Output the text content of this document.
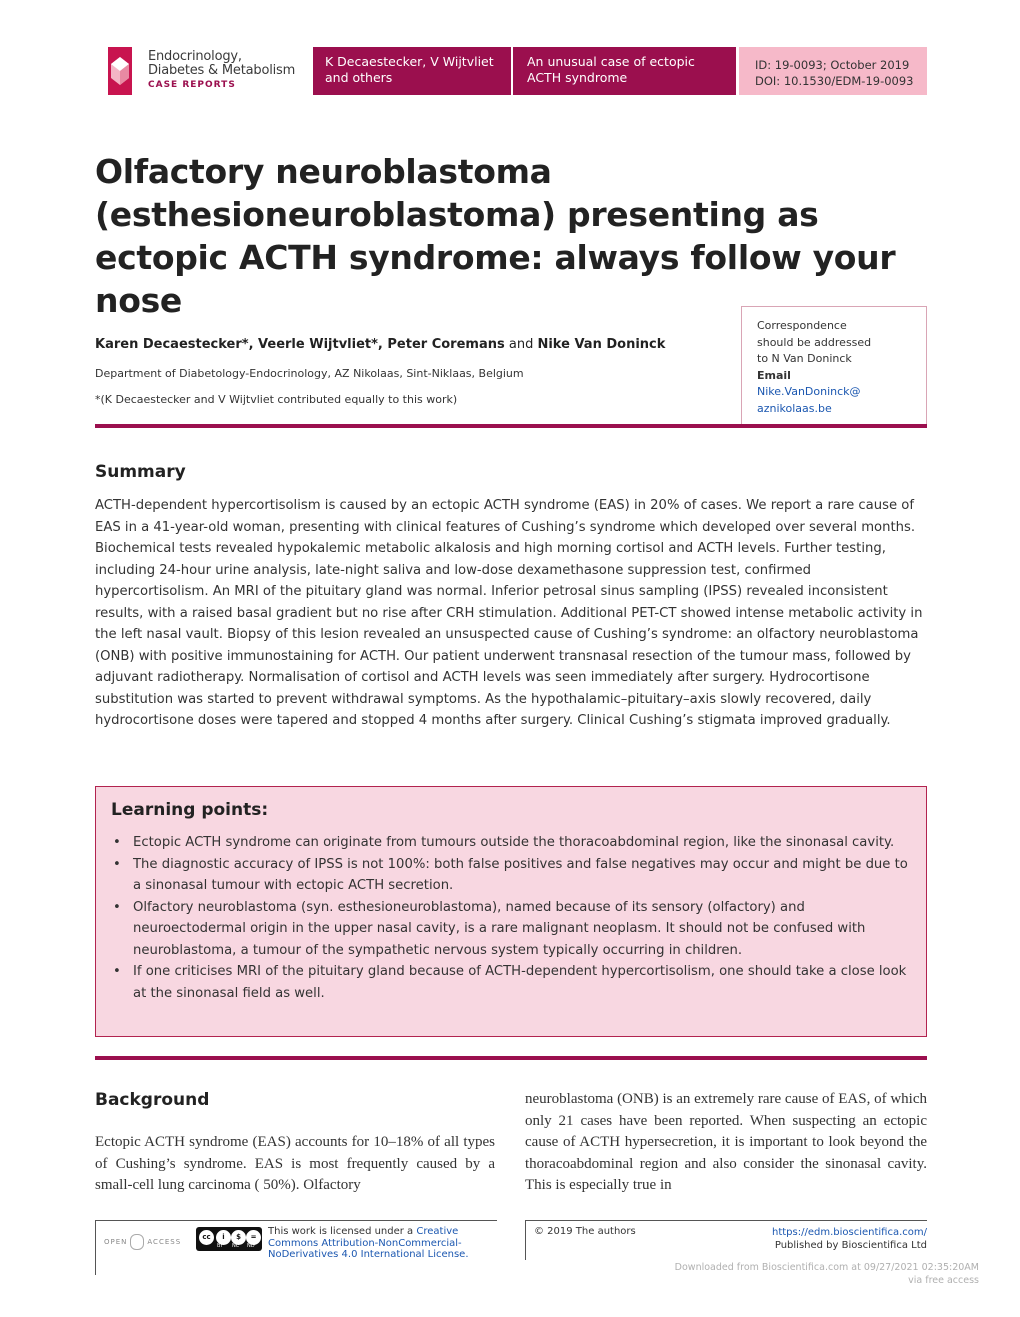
Endocrinology,
Diabetes & Metabolism
CASE REPORTS
K Decaestecker, V Wijtvliet
and others
An unusual case of ectopic
ACTH syndrome
ID: 19-0093; October 2019
DOI: 10.1530/EDM-19-0093
Olfactory neuroblastoma
(esthesioneuroblastoma) presenting as
ectopic ACTH syndrome: always follow your nose
Karen Decaestecker*, Veerle Wijtvliet*, Peter Coremans and Nike Van Doninck
Department of Diabetology-Endocrinology, AZ Nikolaas, Sint-Niklaas, Belgium
*(K Decaestecker and V Wijtvliet contributed equally to this work)
Correspondence
should be addressed
to N Van Doninck
Email
Nike.VanDoninck@
aznikolaas.be
Summary
ACTH-dependent hypercortisolism is caused by an ectopic ACTH syndrome (EAS) in 20% of cases. We report a rare cause of EAS in a 41-year-old woman, presenting with clinical features of Cushing’s syndrome which developed over several months. Biochemical tests revealed hypokalemic metabolic alkalosis and high morning cortisol and ACTH levels. Further testing, including 24-hour urine analysis, late-night saliva and low-dose dexamethasone suppression test, confirmed hypercortisolism. An MRI of the pituitary gland was normal. Inferior petrosal sinus sampling (IPSS) revealed inconsistent results, with a raised basal gradient but no rise after CRH stimulation. Additional PET-CT showed intense metabolic activity in the left nasal vault. Biopsy of this lesion revealed an unsuspected cause of Cushing’s syndrome: an olfactory neuroblastoma (ONB) with positive immunostaining for ACTH. Our patient underwent transnasal resection of the tumour mass, followed by adjuvant radiotherapy. Normalisation of cortisol and ACTH levels was seen immediately after surgery. Hydrocortisone substitution was started to prevent withdrawal symptoms. As the hypothalamic–pituitary–axis slowly recovered, daily hydrocortisone doses were tapered and stopped 4 months after surgery. Clinical Cushing’s stigmata improved gradually.
Learning points:
• Ectopic ACTH syndrome can originate from tumours outside the thoracoabdominal region, like the sinonasal cavity.
• The diagnostic accuracy of IPSS is not 100%: both false positives and false negatives may occur and might be due to a sinonasal tumour with ectopic ACTH secretion.
• Olfactory neuroblastoma (syn. esthesioneuroblastoma), named because of its sensory (olfactory) and neuroectodermal origin in the upper nasal cavity, is a rare malignant neoplasm. It should not be confused with neuroblastoma, a tumour of the sympathetic nervous system typically occurring in children.
• If one criticises MRI of the pituitary gland because of ACTH-dependent hypercortisolism, one should take a close look at the sinonasal field as well.
Background
Ectopic ACTH syndrome (EAS) accounts for 10–18% of all types of Cushing’s syndrome. EAS is most frequently caused by a small-cell lung carcinoma ( 50%). Olfactory
neuroblastoma (ONB) is an extremely rare cause of EAS, of which only 21 cases have been reported. When suspecting an ectopic cause of ACTH hypersecretion, it is important to look beyond the thoracoabdominal region and also consider the sinonasal cavity. This is especially true in
OPEN	ACCESS
cc	i	$	=
BY NC ND
This work is licensed under a Creative Commons Attribution-NonCommercial-NoDerivatives 4.0 International License.
© 2019 The authors	https://edm.bioscientifica.com/
Published by Bioscientifica Ltd
Downloaded from Bioscientifica.com at 09/27/2021 02:35:20AM
via free access
